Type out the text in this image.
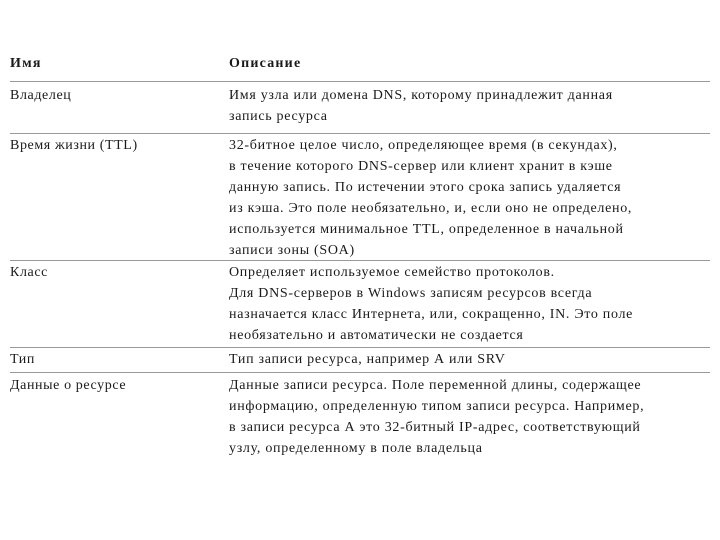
Имя	Описание
Владелец	Имя узла или домена DNS, которому принадлежит данная
запись ресурса
Время жизни (TTL)	32-битное целое число, определяющее время (в секундах),
в течение которого DNS-сервер или клиент хранит в кэше
данную запись. По истечении этого срока запись удаляется
из кэша. Это поле необязательно, и, если оно не определено,
используется минимальное TTL, определенное в начальной
записи зоны (SOA)
Класс	Определяет используемое семейство протоколов.
Для DNS-серверов в Windows записям ресурсов всегда
назначается класс Интернета, или, сокращенно, IN. Это поле
необязательно и автоматически не создается
Тип	Тип записи ресурса, например А или SRV
Данные о ресурсе	Данные записи ресурса. Поле переменной длины, содержащее
информацию, определенную типом записи ресурса. Например,
в записи ресурса А это 32-битный IP-адрес, соответствующий
узлу, определенному в поле владельца
